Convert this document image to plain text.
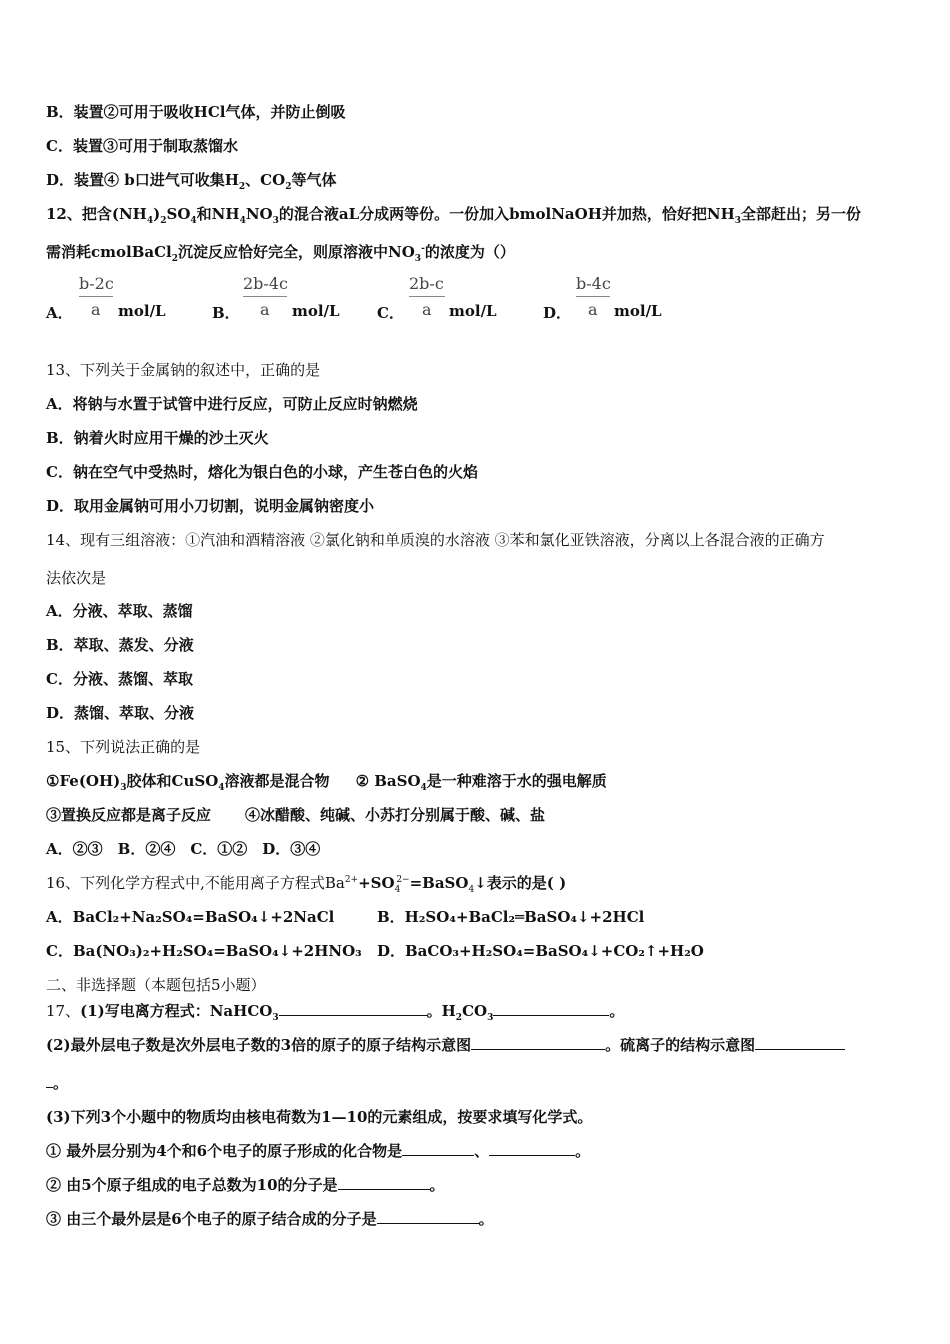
B．装置②可用于吸收HCl气体，并防止倒吸
C．装置③可用于制取蒸馏水
D．装置④ b口进气可收集$H_2$、$CO_2$等气体
12、把含$(NH_4)_2SO_4$和$NH_4NO_3$的混合液aL分成两等份。一份加入bmolNaOH并加热，恰好把$NH_3$全部赶出；另一份
需消耗cmolBaCl$_2$沉淀反应恰好完全，则原溶液中$NO_3^-$的浓度为（）
A．
b-2c
a mol/L	B．
2b-4c
a mol/L C．
2b-c
a mol/L	D．
b-4c
a mol/L
13、下列关于金属钠的叙述中，正确的是
A．将钠与水置于试管中进行反应，可防止反应时钠燃烧
B．钠着火时应用干燥的沙土灭火
C．钠在空气中受热时，熔化为银白色的小球，产生苍白色的火焰
D．取用金属钠可用小刀切割，说明金属钠密度小
14、现有三组溶液：①汽油和酒精溶液 ②氯化钠和单质溴的水溶液 ③苯和氯化亚铁溶液，分离以上各混合液的正确方
法依次是
A．分液、萃取、蒸馏
B．萃取、蒸发、分液
C．分液、蒸馏、萃取
D．蒸馏、萃取、分液
15、下列说法正确的是
$①Fe(OH)_3$胶体和CuSO$_4$溶液都是混合物 ② BaSO$_4$是一种难溶于水的强电解质
③置换反应都是离子反应 ④冰醋酸、纯碱、小苏打分别属于酸、碱、盐
A．②③　B．②④　C．①②　D．③④
16、下列化学方程式中,不能用离子方程式$Ba^{2+}+SO_4^{2-}=BaSO_4↓$表示的是( )
A．BaCl₂+Na₂SO₄=BaSO₄↓+2NaCl	B．H₂SO₄+BaCl₂═BaSO₄↓+2HCl
C．Ba(NO₃)₂+H₂SO₄=BaSO₄↓+2HNO₃ D．BaCO₃+H₂SO₄=BaSO₄↓+CO₂↑+H₂O
二、非选择题（本题包括5小题）
17、(1)写电离方程式：NaHCO$_3$	。$H_2CO_3$	。
(2)最外层电子数是次外层电子数的3倍的原子的原子结构示意图	。硫离子的结构示意图
。
(3)下列3个小题中的物质均由核电荷数为1—10的元素组成，按要求填写化学式。
① 最外层分别为4个和6个电子的原子形成的化合物是	、	。
② 由5个原子组成的电子总数为10的分子是	。
③ 由三个最外层是6个电子的原子结合成的分子是	。
